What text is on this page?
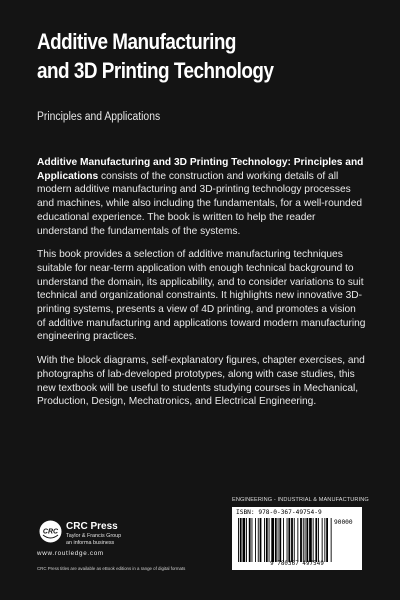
Additive Manufacturing
and 3D Printing Technology
Principles and Applications

Additive Manufacturing and 3D Printing Technology: Principles and Applications consists of the construction and working details of all modern additive manufacturing and 3D-printing technology processes and machines, while also including the fundamentals, for a well-rounded educational experience. The book is written to help the reader understand the fundamentals of the systems.

This book provides a selection of additive manufacturing techniques suitable for near-term application with enough technical background to understand the domain, its applicability, and to consider variations to suit technical and organizational constraints. It highlights new innovative 3D-printing systems, presents a view of 4D printing, and promotes a vision of additive manufacturing and applications toward modern manufacturing engineering practices.

With the block diagrams, self-explanatory figures, chapter exercises, and photographs of lab-developed prototypes, along with case studies, this new textbook will be useful to students studying courses in Mechanical, Production, Design, Mechatronics, and Electrical Engineering.

ENGINEERING - INDUSTRIAL & MANUFACTURING
ISBN: 978-0-367-49754-9
90000
9 780367 497549
CRC CRC Press
Taylor & Francis Group
an informa business
www.routledge.com
CRC Press titles are available as eBook editions in a range of digital formats
